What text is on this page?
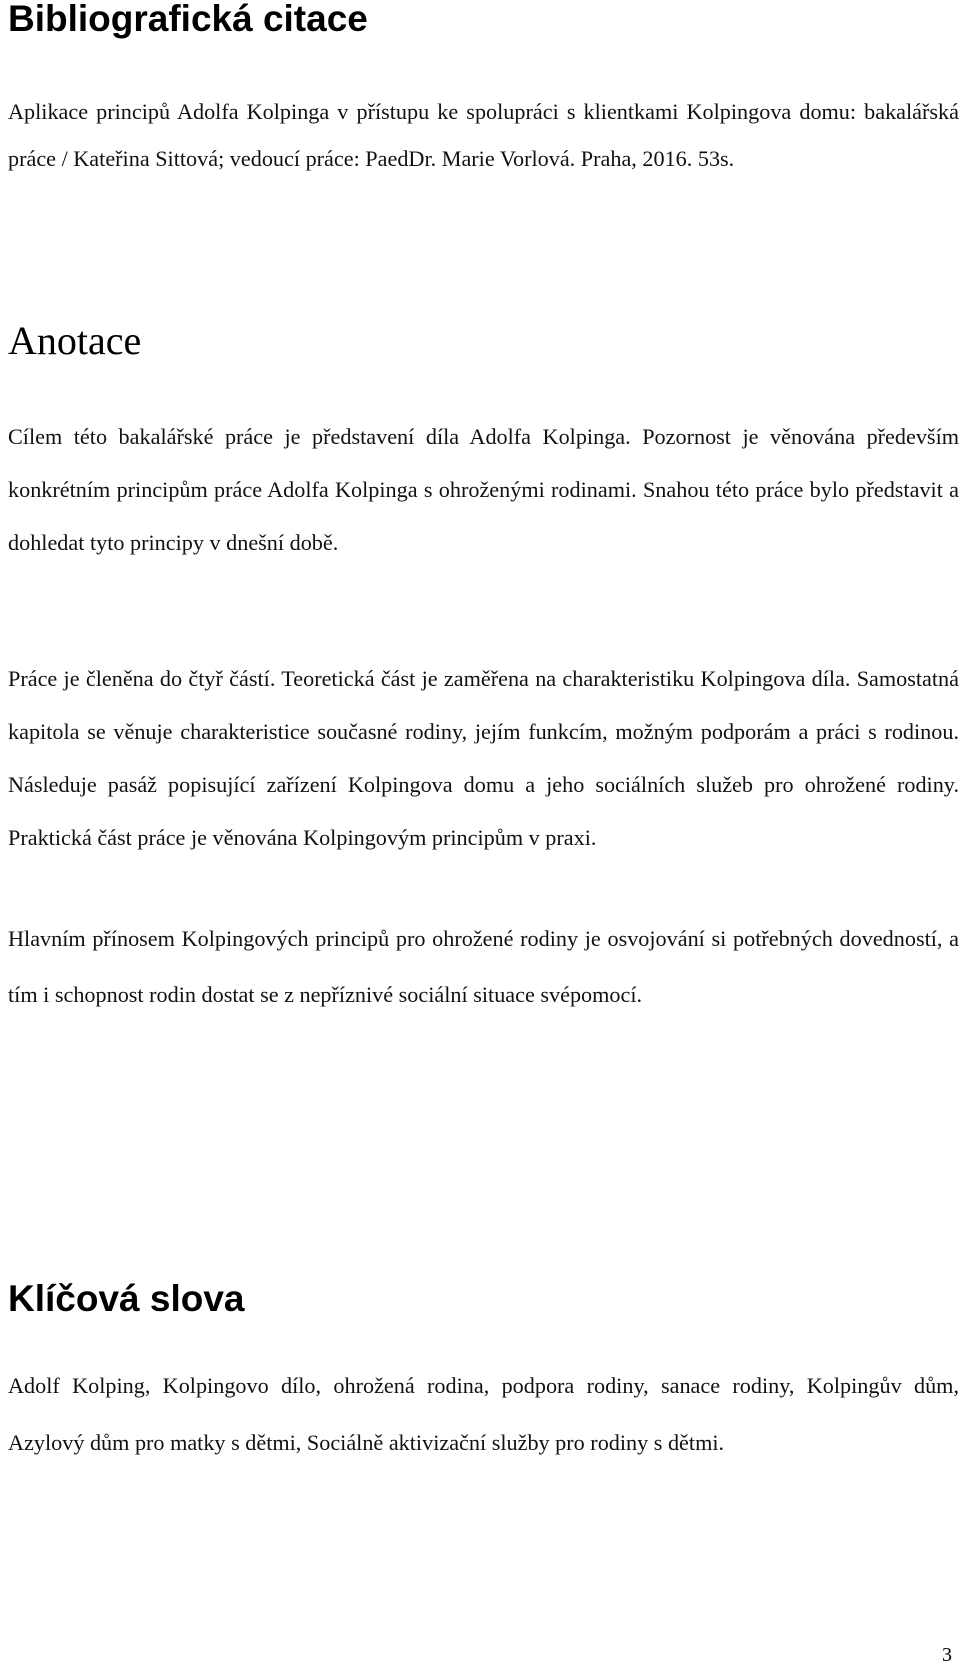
Bibliografická citace

Aplikace principů Adolfa Kolpinga v přístupu ke spolupráci s klientkami Kolpingova domu: bakalářská práce / Kateřina Sittová; vedoucí práce: PaedDr. Marie Vorlová. Praha, 2016. 53s.

Anotace

Cílem této bakalářské práce je představení díla Adolfa Kolpinga. Pozornost je věnována především konkrétním principům práce Adolfa Kolpinga s ohroženými rodinami. Snahou této práce bylo představit a dohledat tyto principy v dnešní době.

Práce je členěna do čtyř částí. Teoretická část je zaměřena na charakteristiku Kolpingova díla. Samostatná kapitola se věnuje charakteristice současné rodiny, jejím funkcím, možným podporám a práci s rodinou. Následuje pasáž popisující zařízení Kolpingova domu a jeho sociálních služeb pro ohrožené rodiny. Praktická část práce je věnována Kolpingovým principům v praxi.

Hlavním přínosem Kolpingových principů pro ohrožené rodiny je osvojování si potřebných dovedností, a tím i schopnost rodin dostat se z nepříznivé sociální situace svépomocí.

Klíčová slova

Adolf Kolping, Kolpingovo dílo, ohrožená rodina, podpora rodiny, sanace rodiny, Kolpingův dům, Azylový dům pro matky s dětmi, Sociálně aktivizační služby pro rodiny s dětmi.

3
